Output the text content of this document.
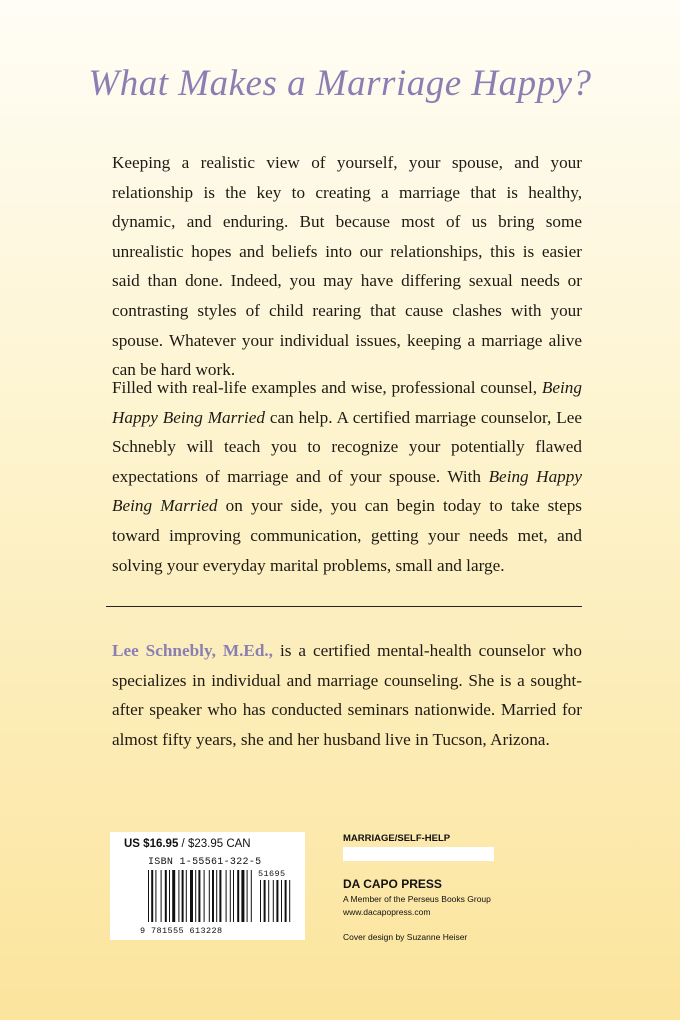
What Makes a Marriage Happy?

Keeping a realistic view of yourself, your spouse, and your relationship is the key to creating a marriage that is healthy, dynamic, and enduring. But because most of us bring some unrealistic hopes and beliefs into our relationships, this is easier said than done. Indeed, you may have differing sexual needs or contrasting styles of child rearing that cause clashes with your spouse. Whatever your individual issues, keeping a marriage alive can be hard work.

Filled with real-life examples and wise, professional counsel, Being Happy Being Married can help. A certified marriage counselor, Lee Schnebly will teach you to recognize your potentially flawed expectations of marriage and of your spouse. With Being Happy Being Married on your side, you can begin today to take steps toward improving communication, getting your needs met, and solving your everyday marital problems, small and large.

Lee Schnebly, M.Ed., is a certified mental-health counselor who specializes in individual and marriage counseling. She is a sought-after speaker who has conducted seminars nationwide. Married for almost fifty years, she and her husband live in Tucson, Arizona.

US $16.95 / $23.95 CAN
ISBN 1-55561-322-5
51695
9 781555 613228
MARRIAGE/SELF-HELP
DA CAPO PRESS
A Member of the Perseus Books Group
www.dacapopress.com
Cover design by Suzanne Heiser
